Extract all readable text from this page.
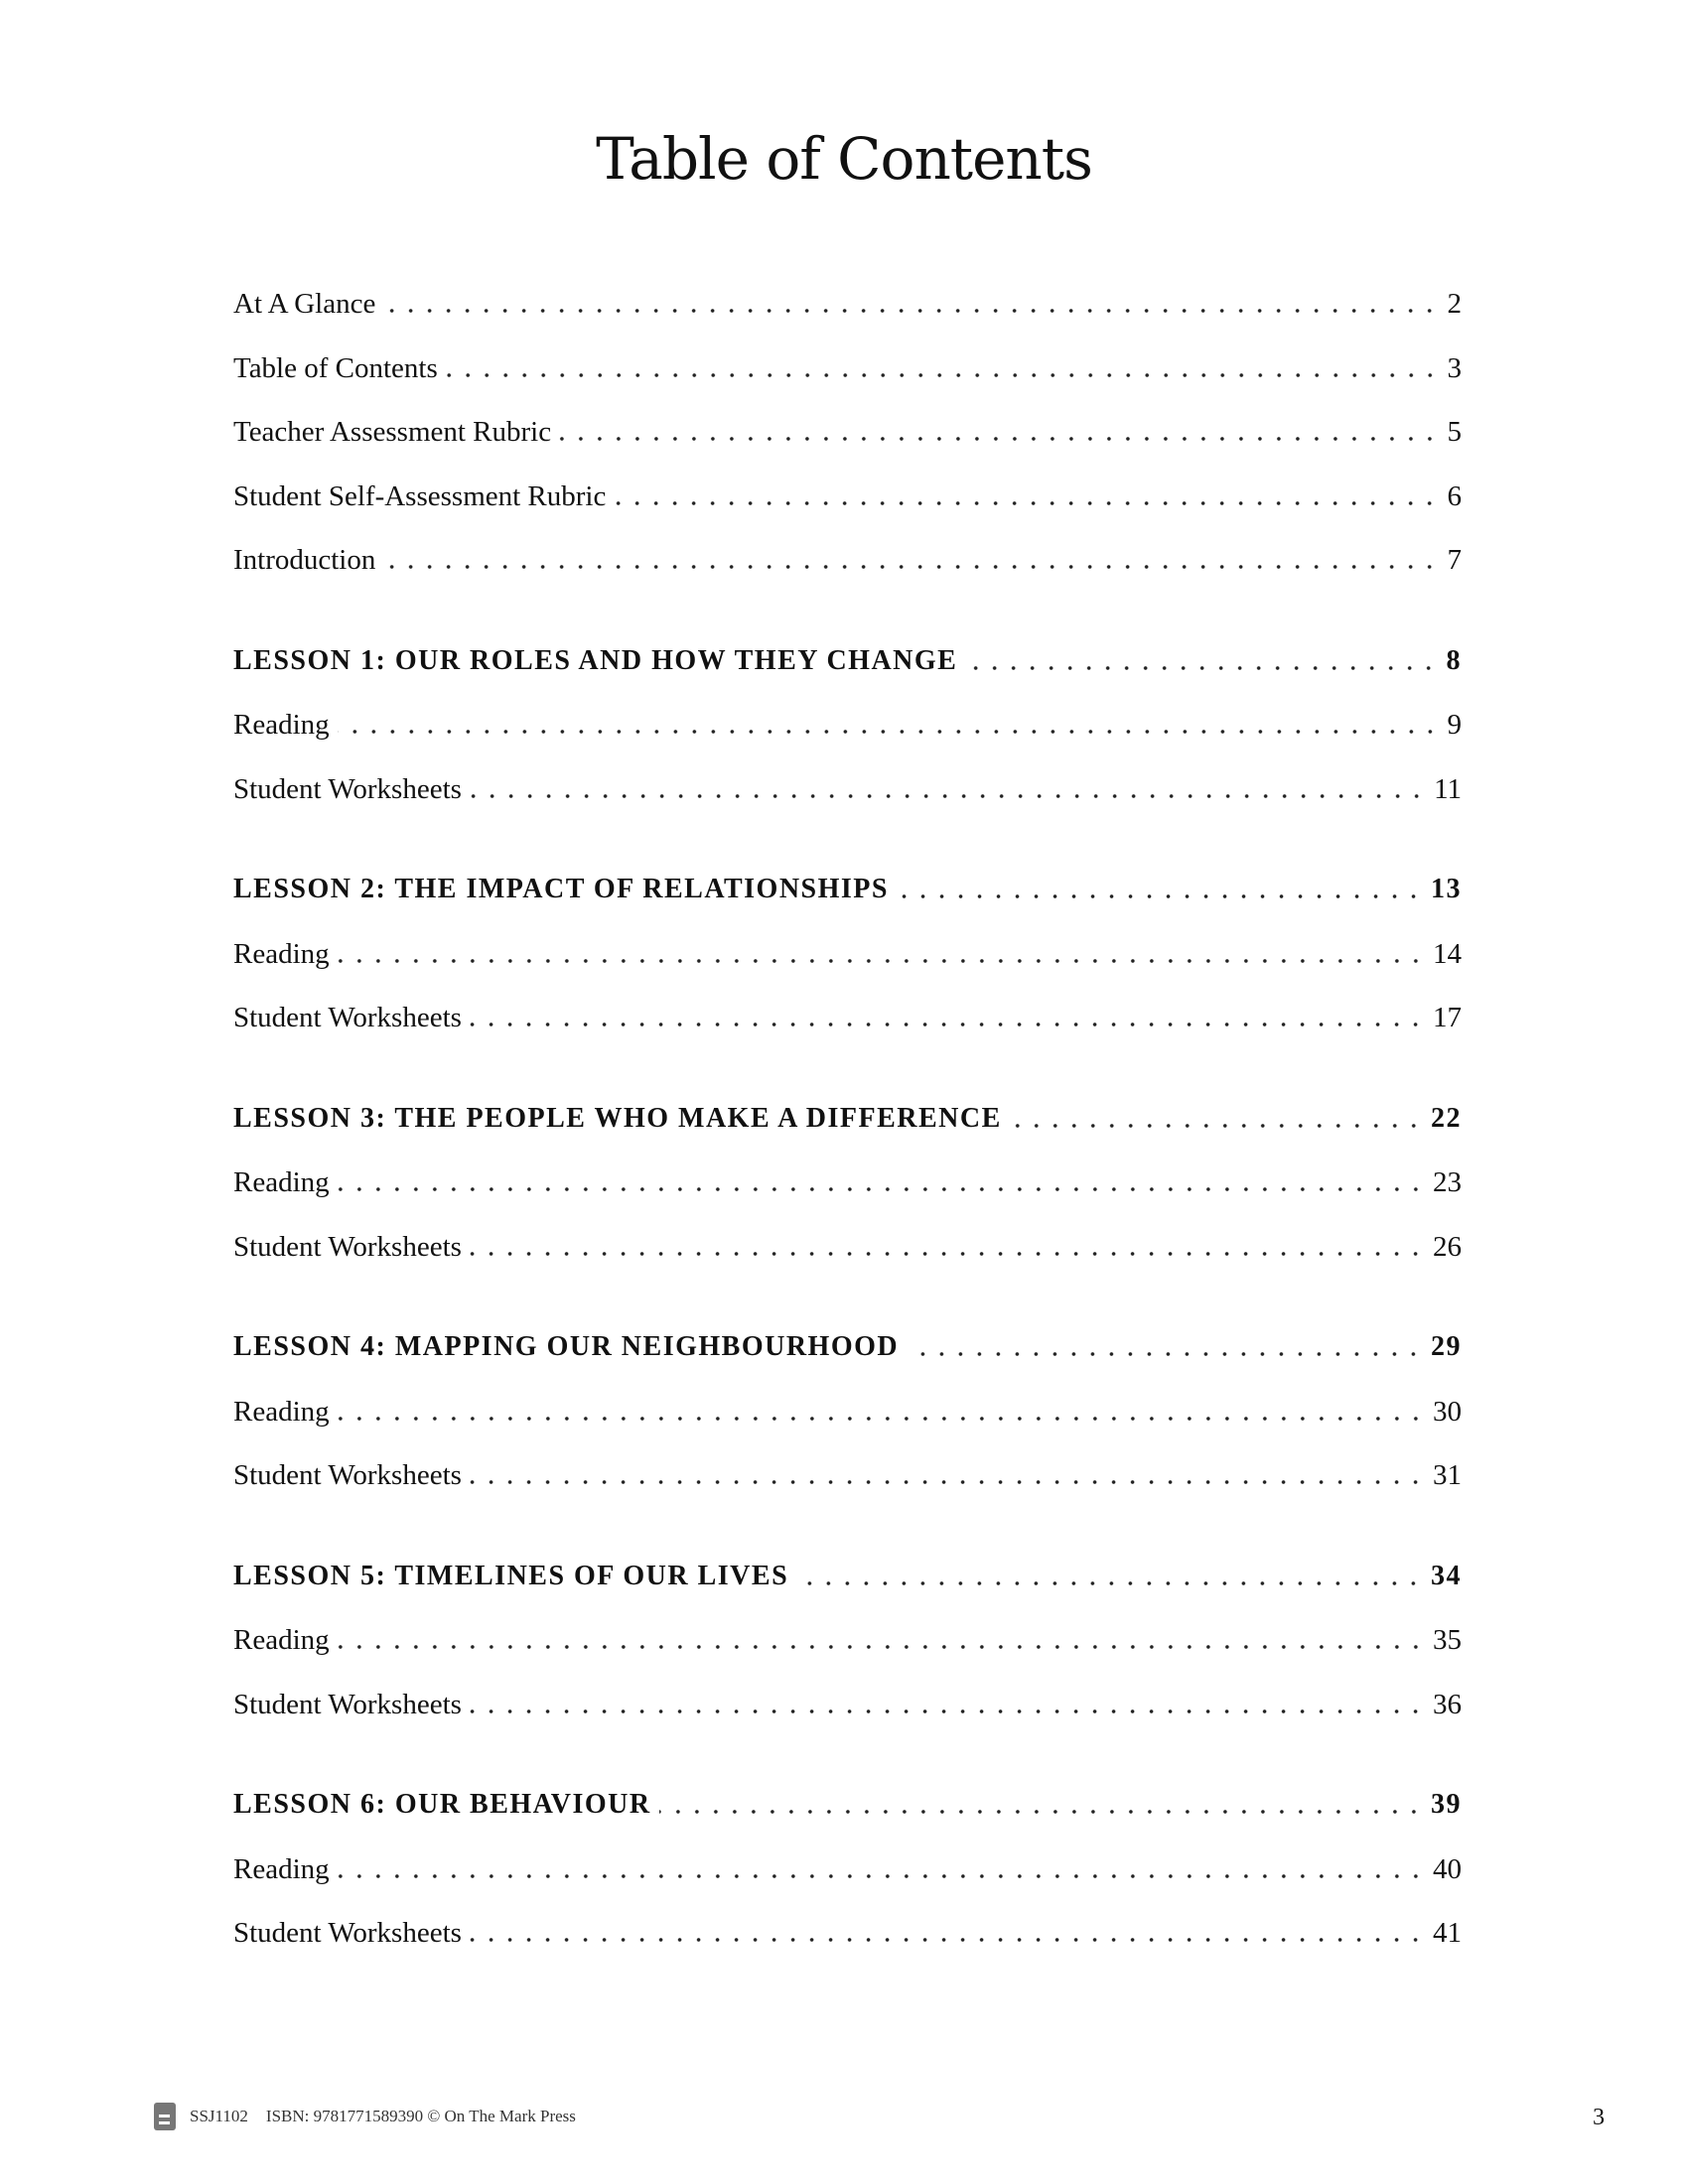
Table of Contents
At A Glance	2
Table of Contents	3
Teacher Assessment Rubric	5
Student Self-Assessment Rubric	6
Introduction	7
LESSON 1: OUR ROLES AND HOW THEY CHANGE	8
Reading	9
Student Worksheets	11
LESSON 2: THE IMPACT OF RELATIONSHIPS	13
Reading	14
Student Worksheets	17
LESSON 3: THE PEOPLE WHO MAKE A DIFFERENCE	22
Reading	23
Student Worksheets	26
LESSON 4: MAPPING OUR NEIGHBOURHOOD	29
Reading	30
Student Worksheets	31
LESSON 5: TIMELINES OF OUR LIVES	34
Reading	35
Student Worksheets	36
LESSON 6: OUR BEHAVIOUR	39
Reading	40
Student Worksheets	41
SSJ1102 ISBN: 9781771589390 © On The Mark Press	3
